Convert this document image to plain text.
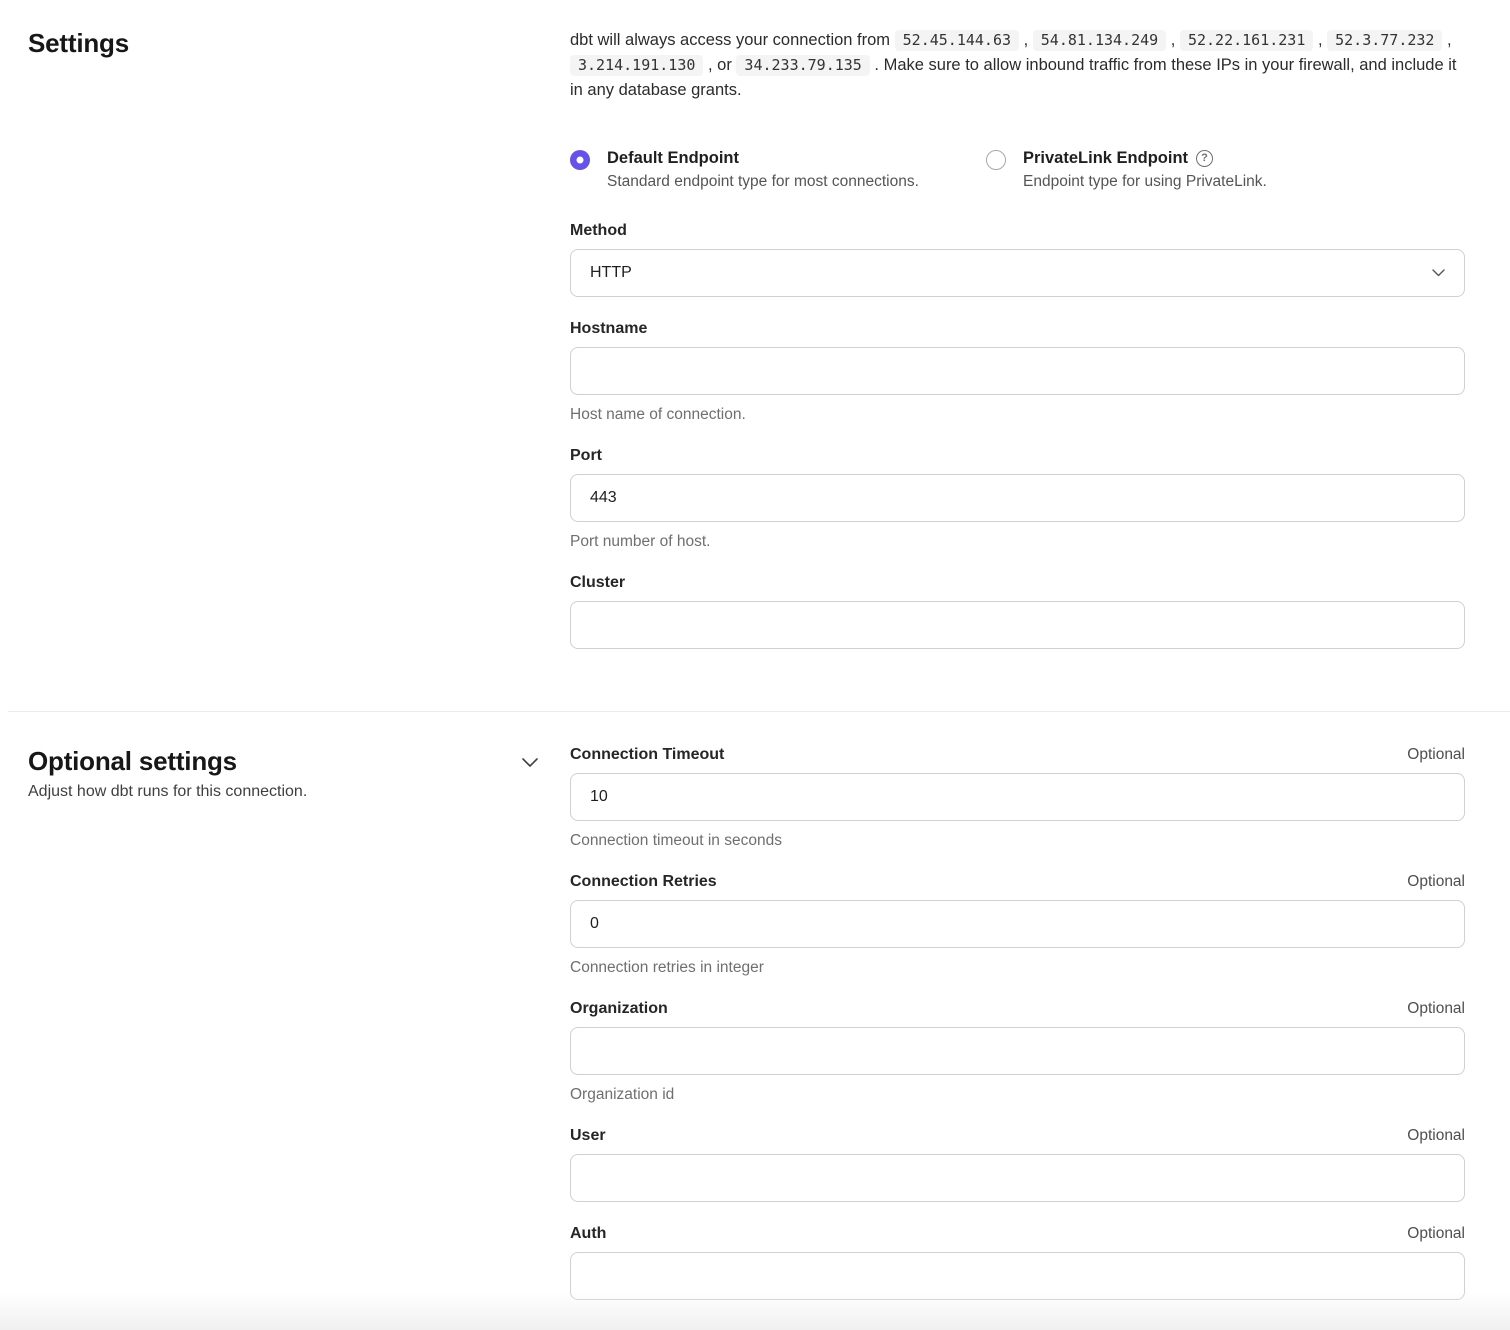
Settings	dbt will always access your connection from 52.45.144.63 , 54.81.134.249 , 52.22.161.231 , 52.3.77.232 , 3.214.191.130 , or 34.233.79.135 . Make sure to allow inbound traffic from these IPs in your firewall, and include it in any database grants.

Default Endpoint
Standard endpoint type for most connections.
PrivateLink Endpoint	?
Endpoint type for using PrivateLink.
Method
HTTP
Hostname
Host name of connection.
Port
443
Port number of host.
Cluster
Optional settings
Adjust how dbt runs for this connection.
Connection Timeout	Optional
10
Connection timeout in seconds
Connection Retries	Optional
0
Connection retries in integer
Organization	Optional
Organization id
User	Optional
Auth	Optional
